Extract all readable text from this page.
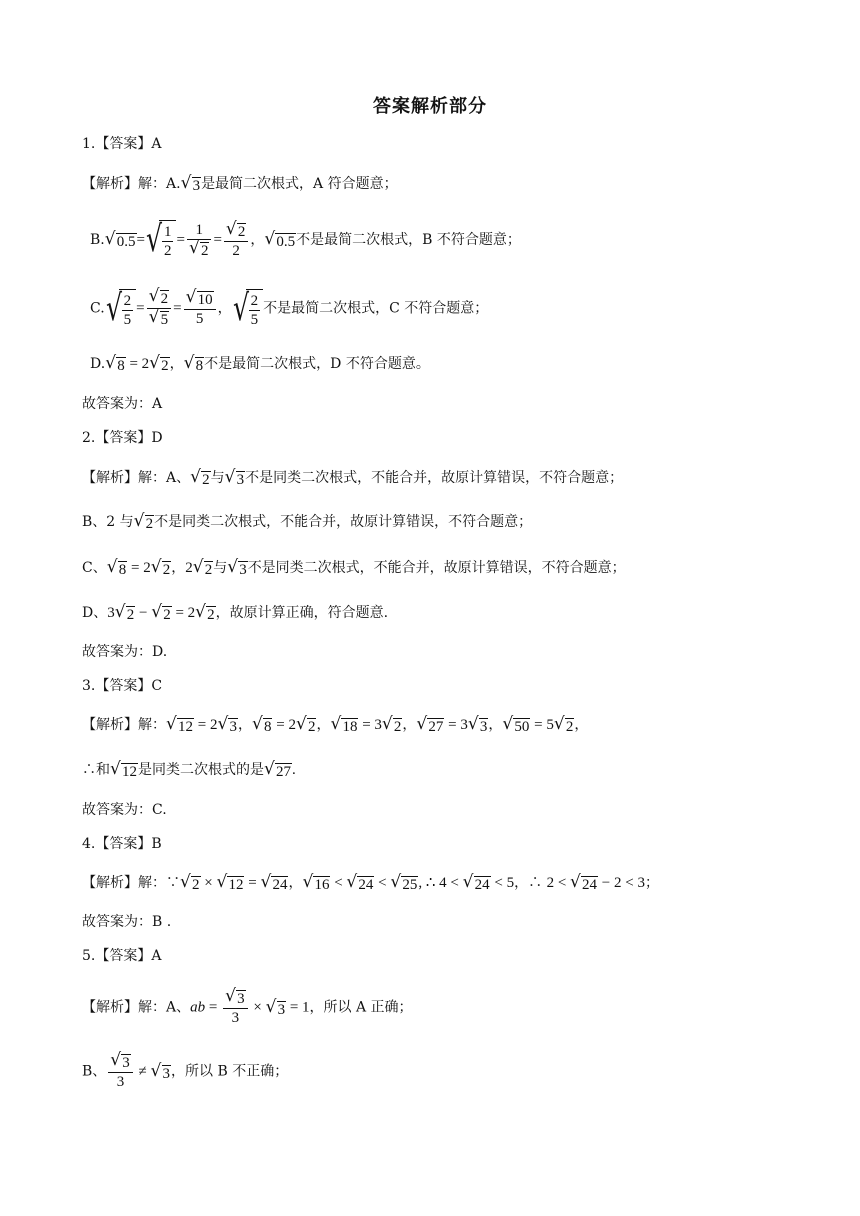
答案解析部分
1.【答案】A
【解析】解：A. √ 3是最简二次根式，A 符合题意；
B. √ 0.5= √ $\frac{1}{2} = 1$
√ 2 = √ $\frac{2}{2}$ ， √ 0.5不是最简二次根式，B 不符合题意；
C. √ $\frac{2}{5}$ = √ 2
√ 5 = √ $\frac{10}{5}$ ， √ $\frac{2}{5}$ 不是最简二次根式，C 不符合题意；
D. √ 8 = 2 √ 2， √ 8不是最简二次根式，D 不符合题意。
故答案为：A
2.【答案】D
【解析】解：A、 √ 2与 √ 3不是同类二次根式，不能合并，故原计算错误，不符合题意；
B、2 与 √ 2不是同类二次根式，不能合并，故原计算错误，不符合题意；
C、 √ 8 = 2 √ 2，2 √ 2与 √ 3不是同类二次根式，不能合并，故原计算错误，不符合题意；
D、3 √ 2 − √ 2 = 2 √ 2，故原计算正确，符合题意.
故答案为：D.
3.【答案】C
【解析】解： √ 12 = 2 √ 3， √ 8 = 2 √ 2， √ 18 = 3 √ 2， √ 27 = 3 √ 3， √ 50 = 5 √ 2，
∴和 √ 12是同类二次根式的是 √ 27.
故答案为：C.
4.【答案】B
【解析】解：∵ √ 2 × √ 12 = √ 24， √ 16 < √ 24 < √ 25, ∴ 4 < √ 24 < 5，∴ 2 < √ 24 − 2 < 3；
故答案为：B .
5.【答案】A
【解析】解：A、ab = √ $\frac{3}{3}$ × √ 3 = 1，所以 A 正确；
B、 √ $\frac{3}{3}$ ≠ √ 3，所以 B 不正确；
